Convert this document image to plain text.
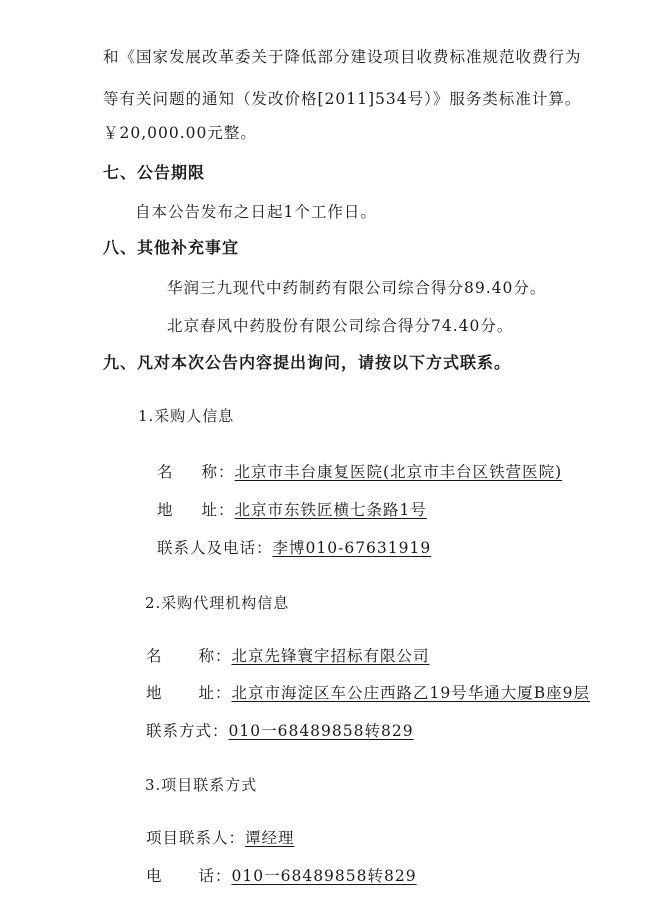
和《国家发展改革委关于降低部分建设项目收费标准规范收费行为
等有关问题的通知（发改价格[2011]534号）》服务类标准计算。
￥20,000.00元整。
七、公告期限
自本公告发布之日起1个工作日。
八、其他补充事宜
华润三九现代中药制药有限公司综合得分89.40分。
北京春风中药股份有限公司综合得分74.40分。
九、凡对本次公告内容提出询问，请按以下方式联系。
1.采购人信息
名 称：北京市丰台康复医院(北京市丰台区铁营医院)
地 址：北京市东铁匠横七条路1号
联系人及电话：李博010-67631919
2.采购代理机构信息
名 称：北京先锋寰宇招标有限公司
地 址：北京市海淀区车公庄西路乙19号华通大厦B座9层
联系方式：010一68489858转829
3.项目联系方式
项目联系人：谭经理
电 话：010一68489858转829
